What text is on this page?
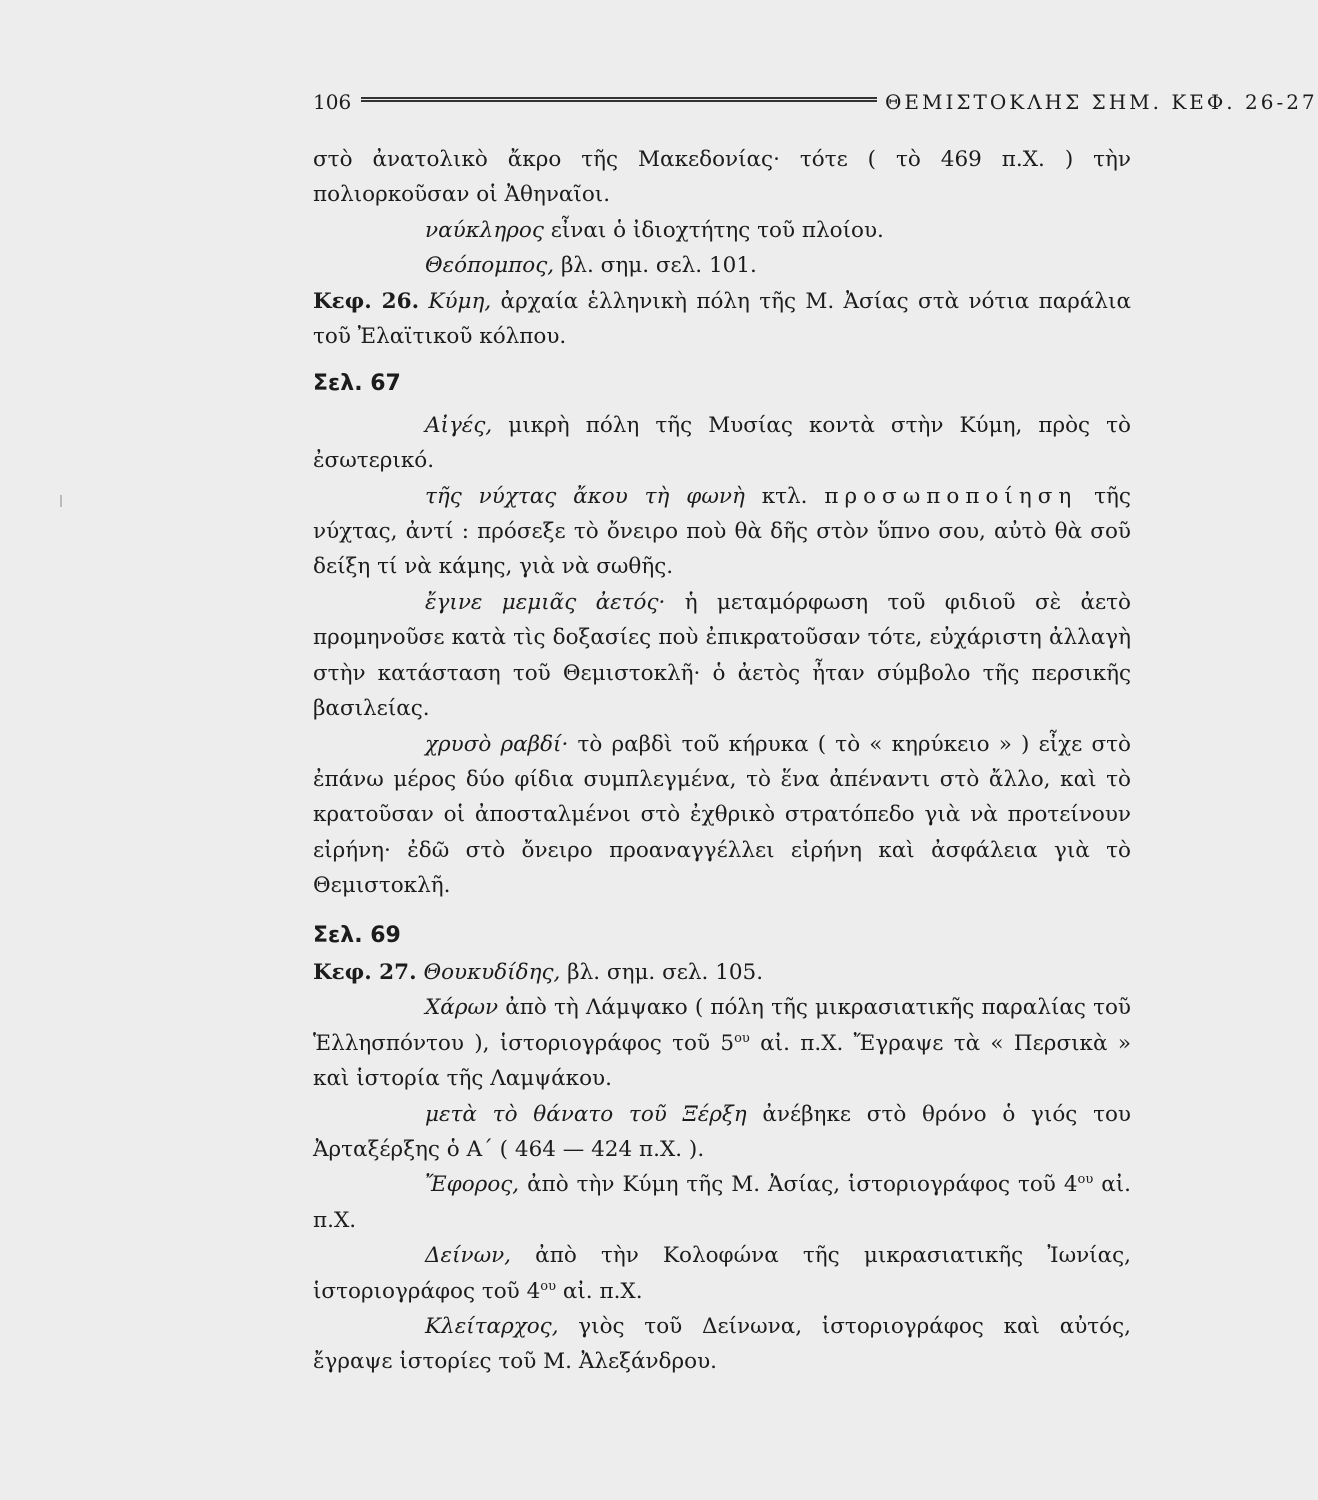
106	ΘΕΜΙΣΤΟΚΛΗΣ ΣΗΜ. ΚΕΦ. 26-27

στὸ ἀνατολικὸ ἄκρο τῆς Μακεδονίας· τότε ( τὸ 469 π.Χ. ) τὴν πολιορκοῦσαν οἱ Ἀθηναῖοι.

ναύκληρος εἶναι ὁ ἰδιοχτήτης τοῦ πλοίου.

Θεόπομπος, βλ. σημ. σελ. 101.

Κεφ. 26. Κύμη, ἀρχαία ἑλληνικὴ πόλη τῆς Μ. Ἀσίας στὰ νότια παράλια τοῦ Ἐλαϊτικοῦ κόλπου.

Σελ. 67

Αἰγές, μικρὴ πόλη τῆς Μυσίας κοντὰ στὴν Κύμη, πρὸς τὸ ἐσωτερικό.

τῆς νύχτας ἄκου τὴ φωνὴ κτλ. προσωποποίηση τῆς νύχτας, ἀντί : πρόσεξε τὸ ὄνειρο ποὺ θὰ δῆς στὸν ὕπνο σου, αὐτὸ θὰ σοῦ δείξη τί νὰ κάμης, γιὰ νὰ σωθῆς.

ἔγινε μεμιᾶς ἀετός· ἡ μεταμόρφωση τοῦ φιδιοῦ σὲ ἀετὸ προμηνοῦσε κατὰ τὶς δοξασίες ποὺ ἐπικρατοῦσαν τότε, εὐχάριστη ἀλλαγὴ στὴν κατάσταση τοῦ Θεμιστοκλῆ· ὁ ἀετὸς ἦταν σύμβολο τῆς περσικῆς βασιλείας.

χρυσὸ ραβδί· τὸ ραβδὶ τοῦ κήρυκα ( τὸ « κηρύκειο » ) εἶχε στὸ ἐπάνω μέρος δύο φίδια συμπλεγμένα, τὸ ἕνα ἀπέναντι στὸ ἄλλο, καὶ τὸ κρατοῦσαν οἱ ἀποσταλμένοι στὸ ἐχθρικὸ στρατόπεδο γιὰ νὰ προτείνουν εἰρήνη· ἐδῶ στὸ ὄνειρο προαναγγέλλει εἰρήνη καὶ ἀσφάλεια γιὰ τὸ Θεμιστοκλῆ.

Σελ. 69

Κεφ. 27. Θουκυδίδης, βλ. σημ. σελ. 105.

Χάρων ἀπὸ τὴ Λάμψακο ( πόλη τῆς μικρασιατικῆς παραλίας τοῦ Ἑλλησπόντου ), ἱστοριογράφος τοῦ $5^{o\upsilon}$ αἰ. π.Χ. Ἔγραψε τὰ « Περσικὰ » καὶ ἱστορία τῆς Λαμψάκου.

μετὰ τὸ θάνατο τοῦ Ξέρξη ἀνέβηκε στὸ θρόνο ὁ γιός του Ἀρταξέρξης ὁ Α΄ ( 464 — 424 π.Χ. ).

Ἔφορος, ἀπὸ τὴν Κύμη τῆς Μ. Ἀσίας, ἱστοριογράφος τοῦ $4^{o\upsilon}$ αἰ. π.Χ.

Δείνων, ἀπὸ τὴν Κολοφώνα τῆς μικρασιατικῆς Ἰωνίας, ἱστοριογράφος τοῦ $4^{o\upsilon}$ αἰ. π.Χ.

Κλείταρχος, γιὸς τοῦ Δείνωνα, ἱστοριογράφος καὶ αὐτός, ἔγραψε ἱστορίες τοῦ Μ. Ἀλεξάνδρου.
